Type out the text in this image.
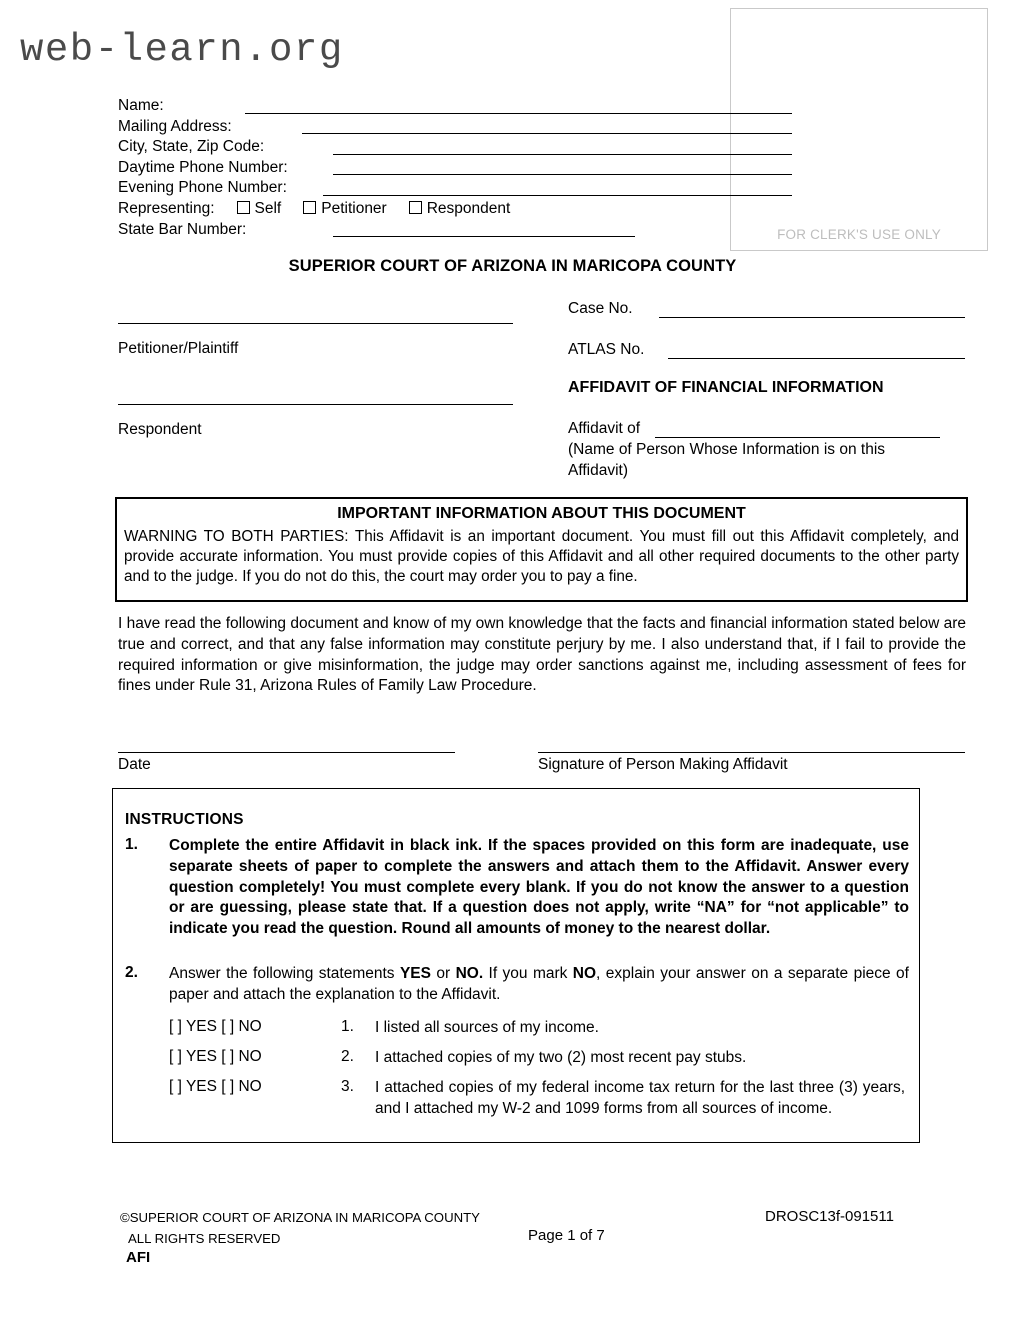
web-learn.org
FOR CLERK'S USE ONLY
Name:
Mailing Address:
City, State, Zip Code:
Daytime Phone Number:
Evening Phone Number:
Representing:	Self	Petitioner	Respondent
State Bar Number:
SUPERIOR COURT OF ARIZONA IN MARICOPA COUNTY
Petitioner/Plaintiff
Respondent
Case No.
ATLAS No.
AFFIDAVIT OF FINANCIAL INFORMATION
Affidavit of
(Name of Person Whose Information is on this Affidavit)
IMPORTANT INFORMATION ABOUT THIS DOCUMENT
WARNING TO BOTH PARTIES: This Affidavit is an important document. You must fill out this Affidavit completely, and provide accurate information. You must provide copies of this Affidavit and all other required documents to the other party and to the judge. If you do not do this, the court may order you to pay a fine.
I have read the following document and know of my own knowledge that the facts and financial information stated below are true and correct, and that any false information may constitute perjury by me. I also understand that, if I fail to provide the required information or give misinformation, the judge may order sanctions against me, including assessment of fees for fines under Rule 31, Arizona Rules of Family Law Procedure.
Date	Signature of Person Making Affidavit
INSTRUCTIONS
1. Complete the entire Affidavit in black ink. If the spaces provided on this form are inadequate, use separate sheets of paper to complete the answers and attach them to the Affidavit. Answer every question completely! You must complete every blank. If you do not know the answer to a question or are guessing, please state that. If a question does not apply, write “NA” for “not applicable” to indicate you read the question. Round all amounts of money to the nearest dollar.
2. Answer the following statements YES or NO. If you mark NO, explain your answer on a separate piece of paper and attach the explanation to the Affidavit.
[ ] YES [ ] NO	1. I listed all sources of my income.
[ ] YES [ ] NO	2. I attached copies of my two (2) most recent pay stubs.
[ ] YES [ ] NO	3. I attached copies of my federal income tax return for the last three (3) years, and I attached my W-2 and 1099 forms from all sources of income.
©SUPERIOR COURT OF ARIZONA IN MARICOPA COUNTY
ALL RIGHTS RESERVED
AFI
Page 1 of 7
DROSC13f-091511
